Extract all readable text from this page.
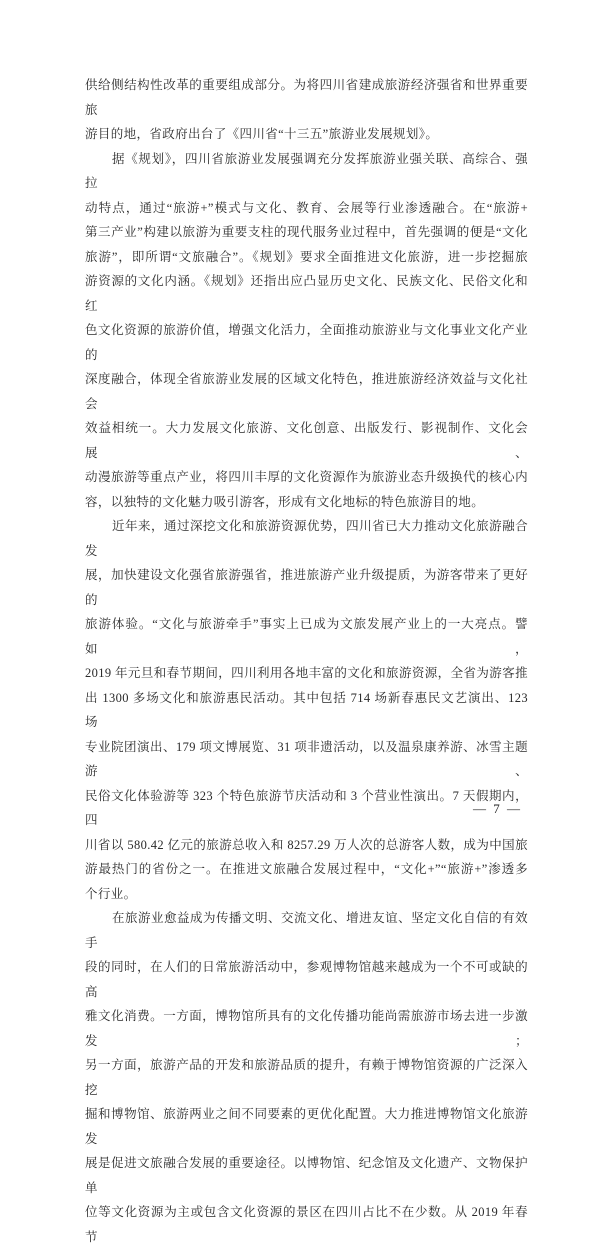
供给侧结构性改革的重要组成部分。为将四川省建成旅游经济强省和世界重要旅
游目的地，省政府出台了《四川省“十三五”旅游业发展规划》。
据《规划》，四川省旅游业发展强调充分发挥旅游业强关联、高综合、强拉
动特点，通过“旅游+”模式与文化、教育、会展等行业渗透融合。在“旅游+
第三产业”构建以旅游为重要支柱的现代服务业过程中，首先强调的便是“文化
旅游”，即所谓“文旅融合”。《规划》要求全面推进文化旅游，进一步挖掘旅
游资源的文化内涵。《规划》还指出应凸显历史文化、民族文化、民俗文化和红
色文化资源的旅游价值，增强文化活力，全面推动旅游业与文化事业文化产业的
深度融合，体现全省旅游业发展的区域文化特色，推进旅游经济效益与文化社会
效益相统一。大力发展文化旅游、文化创意、出版发行、影视制作、文化会展、
动漫旅游等重点产业，将四川丰厚的文化资源作为旅游业态升级换代的核心内
容，以独特的文化魅力吸引游客，形成有文化地标的特色旅游目的地。
近年来，通过深挖文化和旅游资源优势，四川省已大力推动文化旅游融合发
展，加快建设文化强省旅游强省，推进旅游产业升级提质，为游客带来了更好的
旅游体验。“文化与旅游牵手”事实上已成为文旅发展产业上的一大亮点。譬如，
2019 年元旦和春节期间，四川利用各地丰富的文化和旅游资源，全省为游客推
出 1300 多场文化和旅游惠民活动。其中包括 714 场新春惠民文艺演出、123 场
专业院团演出、179 项文博展览、31 项非遗活动，以及温泉康养游、冰雪主题游、
民俗文化体验游等 323 个特色旅游节庆活动和 3 个营业性演出。7 天假期内，四
川省以 580.42 亿元的旅游总收入和 8257.29 万人次的总游客人数，成为中国旅
游最热门的省份之一。在推进文旅融合发展过程中，“文化+”“旅游+”渗透多
个行业。
在旅游业愈益成为传播文明、交流文化、增进友谊、坚定文化自信的有效手
段的同时，在人们的日常旅游活动中，参观博物馆越来越成为一个不可或缺的高
雅文化消费。一方面，博物馆所具有的文化传播功能尚需旅游市场去进一步激发；
另一方面，旅游产品的开发和旅游品质的提升，有赖于博物馆资源的广泛深入挖
掘和博物馆、旅游两业之间不同要素的更优化配置。大力推进博物馆文化旅游发
展是促进文旅融合发展的重要途径。以博物馆、纪念馆及文化遗产、文物保护单
位等文化资源为主或包含文化资源的景区在四川占比不在少数。从 2019 年春节
— 7 —
